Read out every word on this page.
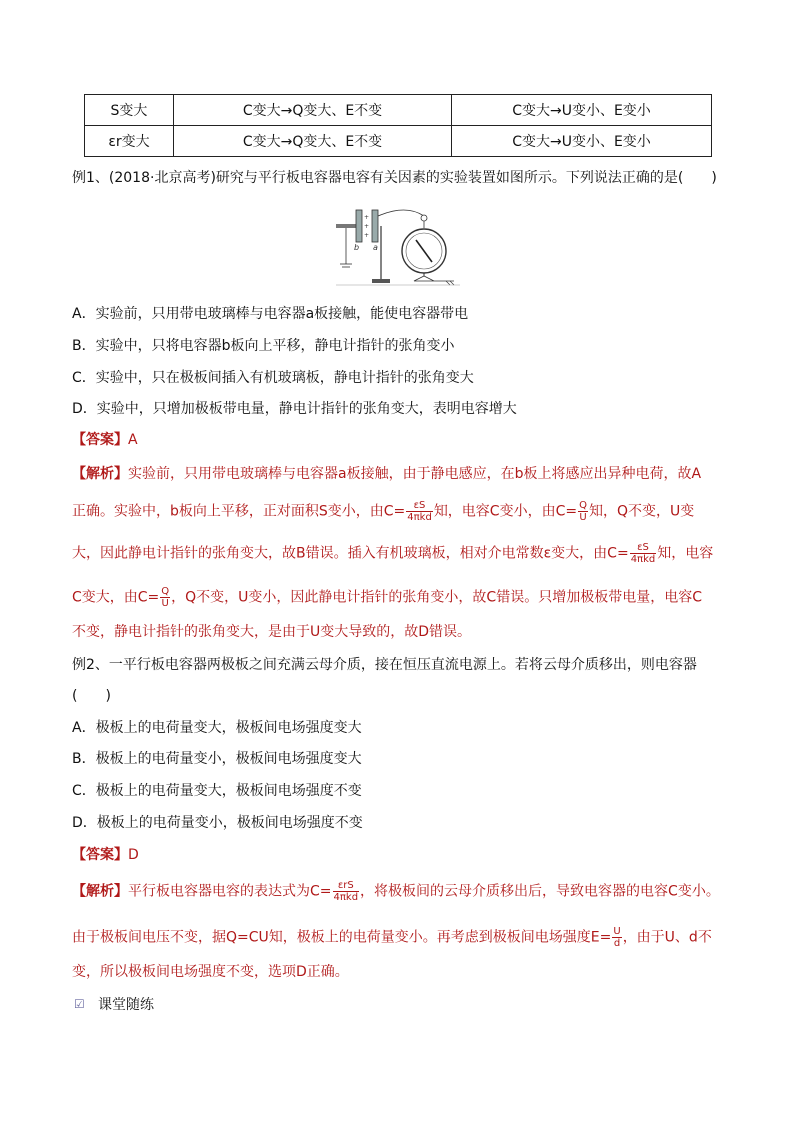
S变大	C变大→Q变大、E不变	C变大→U变小、E变小
εr变大	C变大→Q变大、E不变	C变大→U变小、E变小
例1、(2018·北京高考)研究与平行板电容器电容有关因素的实验装置如图所示。下列说法正确的是(　　)
+
+
+
b a
A．实验前，只用带电玻璃棒与电容器a板接触，能使电容器带电
B．实验中，只将电容器b板向上平移，静电计指针的张角变小
C．实验中，只在极板间插入有机玻璃板，静电计指针的张角变大
D．实验中，只增加极板带电量，静电计指针的张角变大，表明电容增大
【答案】A
【解析】实验前，只用带电玻璃棒与电容器a板接触，由于静电感应，在b板上将感应出异种电荷，故A
正确。实验中，b板向上平移，正对面积S变小，由$C= \frac{\varepsilon S}{\text{4πkd}}$ 知，电容C变小，由$C= \frac{Q}{U}$ 知，Q不变，U变
大，因此静电计指针的张角变大，故B错误。插入有机玻璃板，相对介电常数ε变大，由$C= \frac{\varepsilon S}{\text{4πkd}}$ 知，电容
C变大，由$C= \frac{Q}{U}$ ，Q不变，U变小，因此静电计指针的张角变小，故C错误。只增加极板带电量，电容C
不变，静电计指针的张角变大，是由于U变大导致的，故D错误。
例2、一平行板电容器两极板之间充满云母介质，接在恒压直流电源上。若将云母介质移出，则电容器
(　　)
A．极板上的电荷量变大，极板间电场强度变大
B．极板上的电荷量变小，极板间电场强度变大
C．极板上的电荷量变大，极板间电场强度不变
D．极板上的电荷量变小，极板间电场强度不变
【答案】D
【解析】平行板电容器电容的表达式为$C= \frac{\text{εrS}}{\text{4πkd}}$ ，将极板间的云母介质移出后，导致电容器的电容C变小。
由于极板间电压不变，据Q=CU知，极板上的电荷量变小。再考虑到极板间电场强度$E= \frac{U}{d}$ ，由于U、d不
变，所以极板间电场强度不变，选项D正确。
☑ 课堂随练
